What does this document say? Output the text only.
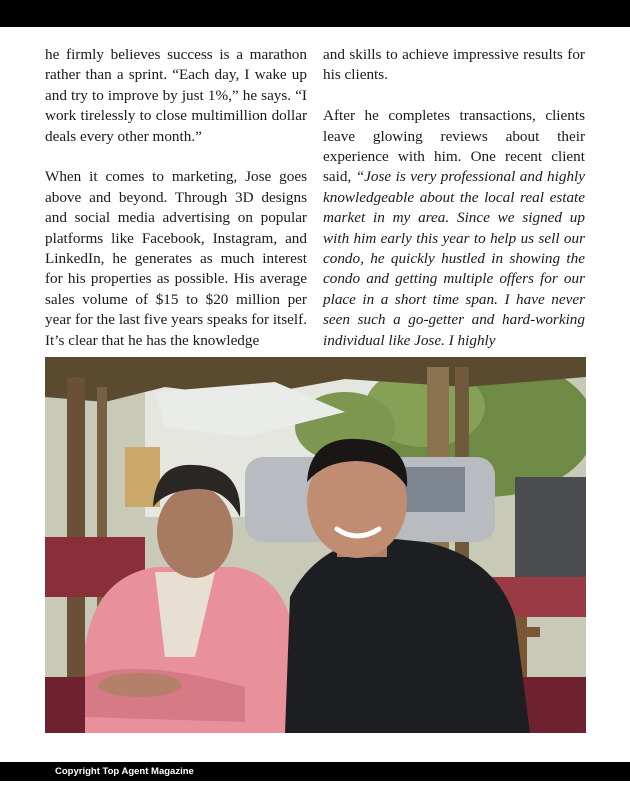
he firmly believes success is a marathon rather than a sprint. “Each day, I wake up and try to improve by just 1%,” he says. “I work tirelessly to close multimillion dollar deals every other month.”

When it comes to marketing, Jose goes above and beyond. Through 3D designs and social media advertising on popular platforms like Facebook, Instagram, and LinkedIn, he generates as much interest for his properties as possible. His average sales volume of $15 to $20 million per year for the last five years speaks for itself. It’s clear that he has the knowledge

and skills to achieve impressive results for his clients.

After he completes transactions, clients leave glowing reviews about their experience with him. One recent client said, “Jose is very professional and highly knowledgeable about the local real estate market in my area. Since we signed up with him early this year to help us sell our condo, he quickly hustled in showing the condo and getting multiple offers for our place in a short time span. I have never seen such a go-getter and hard-working individual like Jose. I highly

Copyright Top Agent Magazine
